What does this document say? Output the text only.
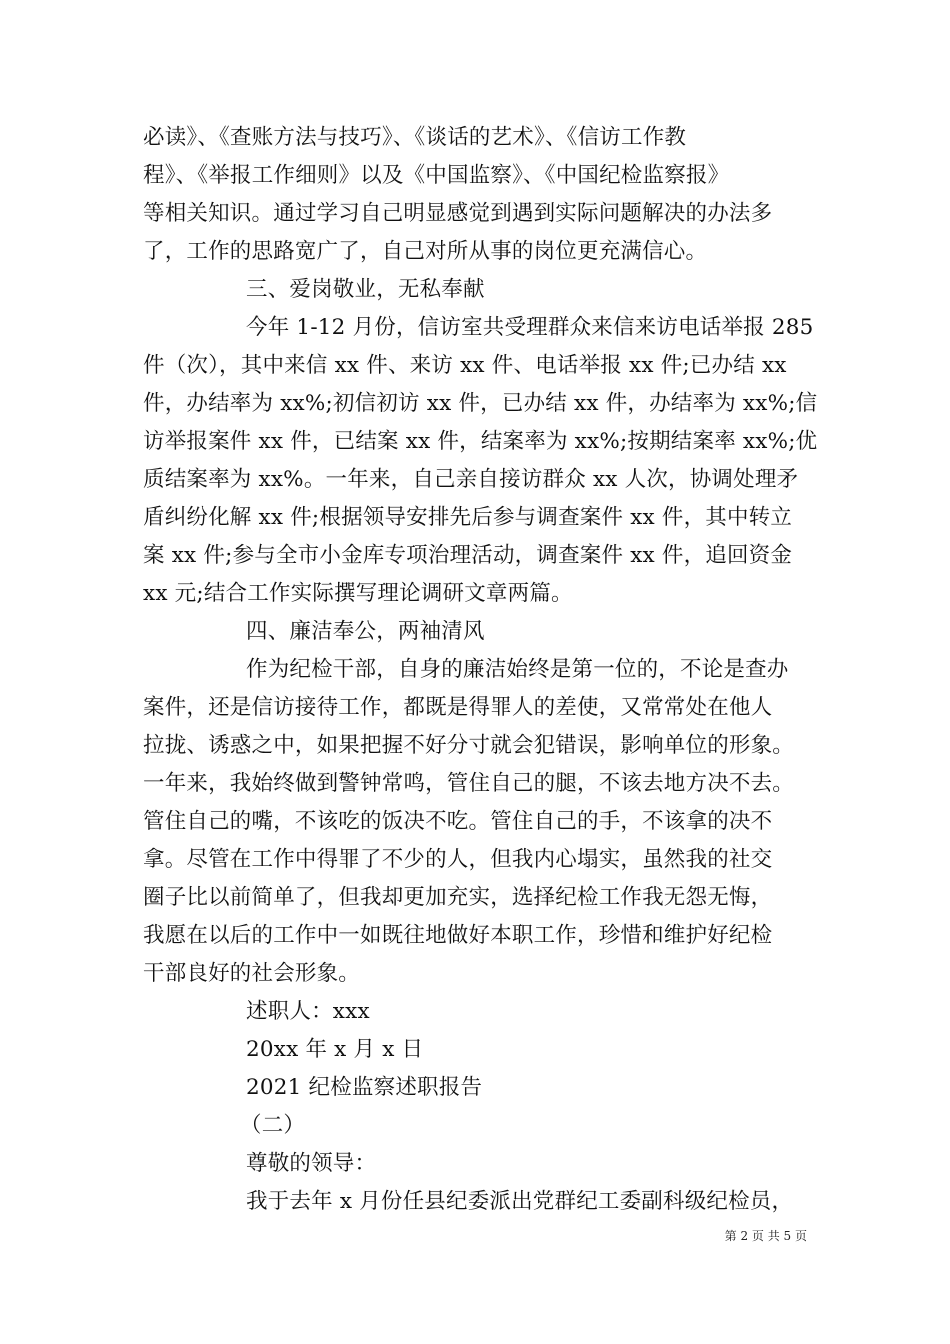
必读》、《查账方法与技巧》、《谈话的艺术》、《信访工作教
程》、《举报工作细则》以及《中国监察》、《中国纪检监察报》
等相关知识。通过学习自己明显感觉到遇到实际问题解决的办法多
了，工作的思路宽广了，自己对所从事的岗位更充满信心。
三、爱岗敬业，无私奉献
今年 1-12 月份，信访室共受理群众来信来访电话举报 285
件（次），其中来信 xx 件、来访 xx 件、电话举报 xx 件;已办结 xx
件，办结率为 xx%;初信初访 xx 件，已办结 xx 件，办结率为 xx%;信
访举报案件 xx 件，已结案 xx 件，结案率为 xx%;按期结案率 xx%;优
质结案率为 xx%。一年来，自己亲自接访群众 xx 人次，协调处理矛
盾纠纷化解 xx 件;根据领导安排先后参与调查案件 xx 件，其中转立
案 xx 件;参与全市小金库专项治理活动，调查案件 xx 件，追回资金
xx 元;结合工作实际撰写理论调研文章两篇。
四、廉洁奉公，两袖清风
作为纪检干部，自身的廉洁始终是第一位的，不论是查办
案件，还是信访接待工作，都既是得罪人的差使，又常常处在他人
拉拢、诱惑之中，如果把握不好分寸就会犯错误，影响单位的形象。
一年来，我始终做到警钟常鸣，管住自己的腿，不该去地方决不去。
管住自己的嘴，不该吃的饭决不吃。管住自己的手，不该拿的决不
拿。尽管在工作中得罪了不少的人，但我内心塌实，虽然我的社交
圈子比以前简单了，但我却更加充实，选择纪检工作我无怨无悔，
我愿在以后的工作中一如既往地做好本职工作，珍惜和维护好纪检
干部良好的社会形象。
述职人：xxx
20xx 年 x 月 x 日
2021 纪检监察述职报告
（二）
尊敬的领导：
我于去年 x 月份任县纪委派出党群纪工委副科级纪检员，
第 2 页 共 5 页
